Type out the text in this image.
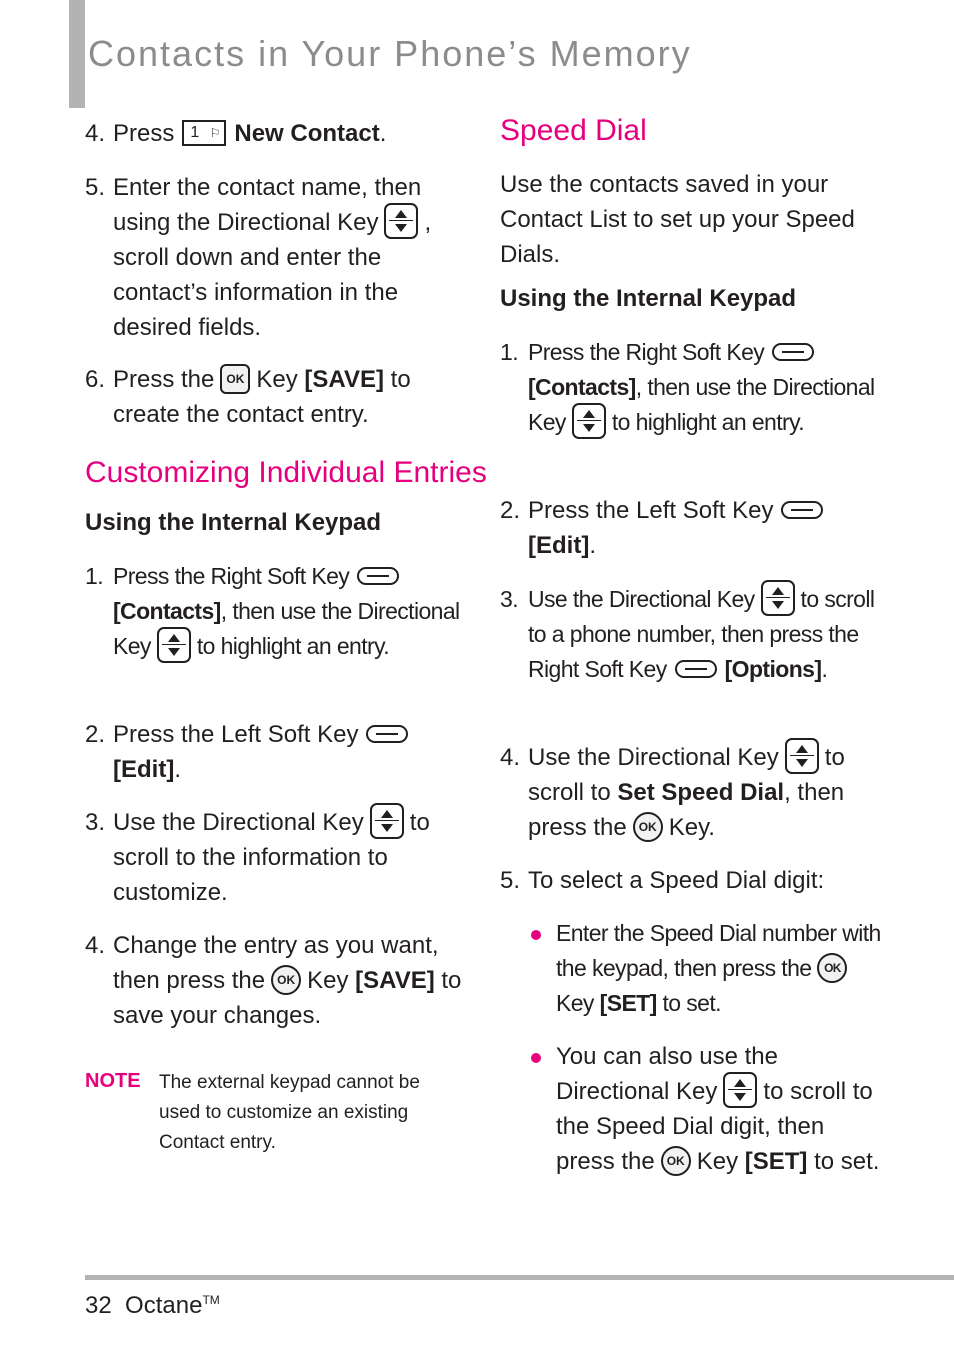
Contacts in Your Phone’s Memory
4. Press 1 ⚐ New Contact.
5. Enter the contact name, then using the Directional Key , scroll down and enter the contact’s information in the desired fields.
6. Press the OK Key [SAVE] to create the contact entry.
Customizing Individual Entries
Using the Internal Keypad
1. Press the Right Soft Key[Contacts], then use the Directional Key to highlight an entry.
2. Press the Left Soft Key
[Edit].
3. Use the Directional Key to scroll to the information to customize.
4. Change the entry as you want, then press the OK Key [SAVE] to save your changes.
NOTE The external keypad cannot be used to customize an existing Contact entry.
Speed Dial
Use the contacts saved in your Contact List to set up your Speed Dials.
Using the Internal Keypad
1. Press the Right Soft Key[Contacts], then use the Directional Key to highlight an entry.
2. Press the Left Soft Key
[Edit].
3. Use the Directional Key to scroll to a phone number, then press the Right Soft Key	[Options].
4. Use the Directional Key to scroll to Set Speed Dial, then press the OK Key.
5. To select a Speed Dial digit:
Enter the Speed Dial number with the keypad, then press the OKKey [SET] to set.
You can also use the Directional Key to scroll to the Speed Dial digit, then press the OK Key [SET] to set.
32 Octane™
